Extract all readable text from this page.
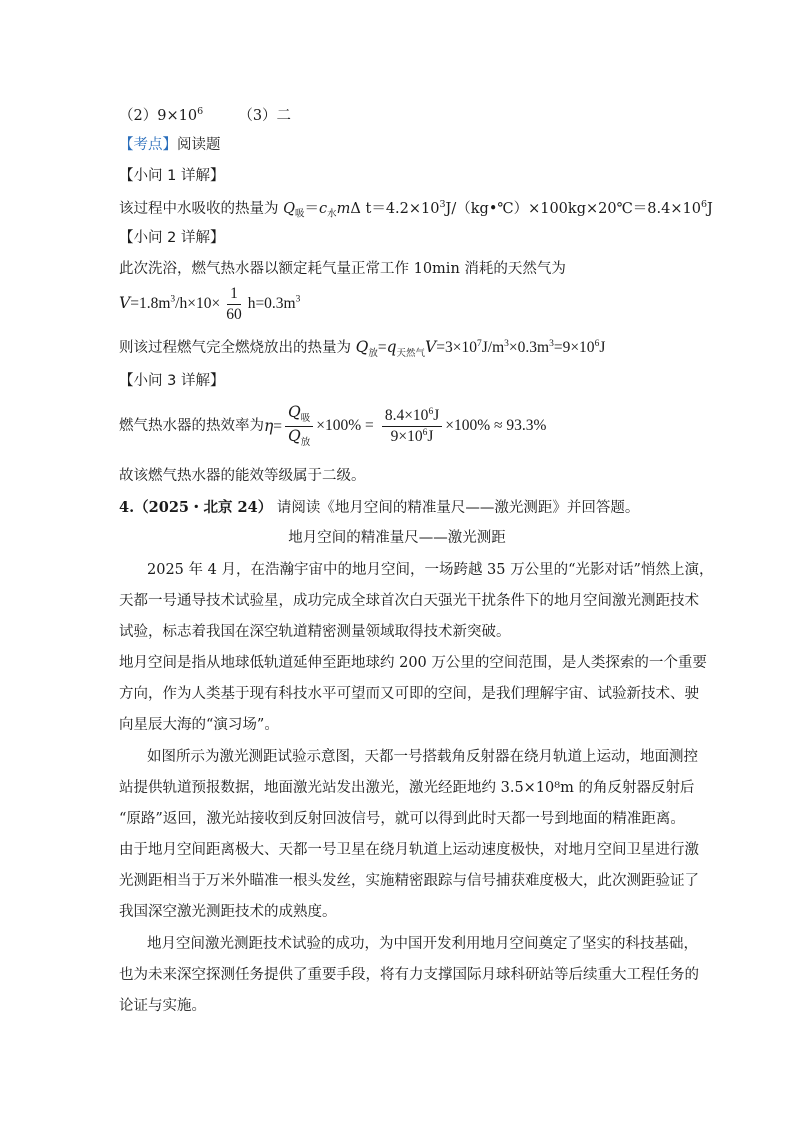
$(2)9\times 10^6$ （3）二
【考点】阅读题
【小问 1 详解】
该过程中水吸收的热量为 $Q_吸=c_水m\Delta$ $t=4.2\times 10^3J/(kg•℃)\times 100kg\times 20℃=8.4\times 10^6J$
【小问 2 详解】
此次洗浴，燃气热水器以额定耗气量正常工作 10min 消耗的天然气为
$V=1.8m^3/h\times 10\times \frac{1}{60} h=0.3m^3$
则该过程燃气完全燃烧放出的热量为 $Q_放=q_{天然气}V=3\times 10^7J/m^3\times 0.3m^3=9\times 10^6J$
【小问 3 详解】
燃气热水器的热效率为$\eta= \frac{Q_吸}{Q_放} \times 100\% = \frac{8.4\times 10^6J}{9\times 10^6J} \times 100\% \approx 93.3\%$
故该燃气热水器的能效等级属于二级。
4.（2025・北京 24） 请阅读《地月空间的精准量尺——激光测距》并回答题。
地月空间的精准量尺——激光测距
2025 年 4 月，在浩瀚宇宙中的地月空间，一场跨越 35 万公里的“光影对话”悄然上演，
天都一号通导技术试验星，成功完成全球首次白天强光干扰条件下的地月空间激光测距技术
试验，标志着我国在深空轨道精密测量领域取得技术新突破。
地月空间是指从地球低轨道延伸至距地球约 200 万公里的空间范围，是人类探索的一个重要
方向，作为人类基于现有科技水平可望而又可即的空间，是我们理解宇宙、试验新技术、驶
向星辰大海的“演习场”。
如图所示为激光测距试验示意图，天都一号搭载角反射器在绕月轨道上运动，地面测控
站提供轨道预报数据，地面激光站发出激光，激光经距地约 3.5×10⁸m 的角反射器反射后
“原路”返回，激光站接收到反射回波信号，就可以得到此时天都一号到地面的精准距离。
由于地月空间距离极大、天都一号卫星在绕月轨道上运动速度极快，对地月空间卫星进行激
光测距相当于万米外瞄准一根头发丝，实施精密跟踪与信号捕获难度极大，此次测距验证了
我国深空激光测距技术的成熟度。
地月空间激光测距技术试验的成功，为中国开发利用地月空间奠定了坚实的科技基础，
也为未来深空探测任务提供了重要手段，将有力支撑国际月球科研站等后续重大工程任务的
论证与实施。
